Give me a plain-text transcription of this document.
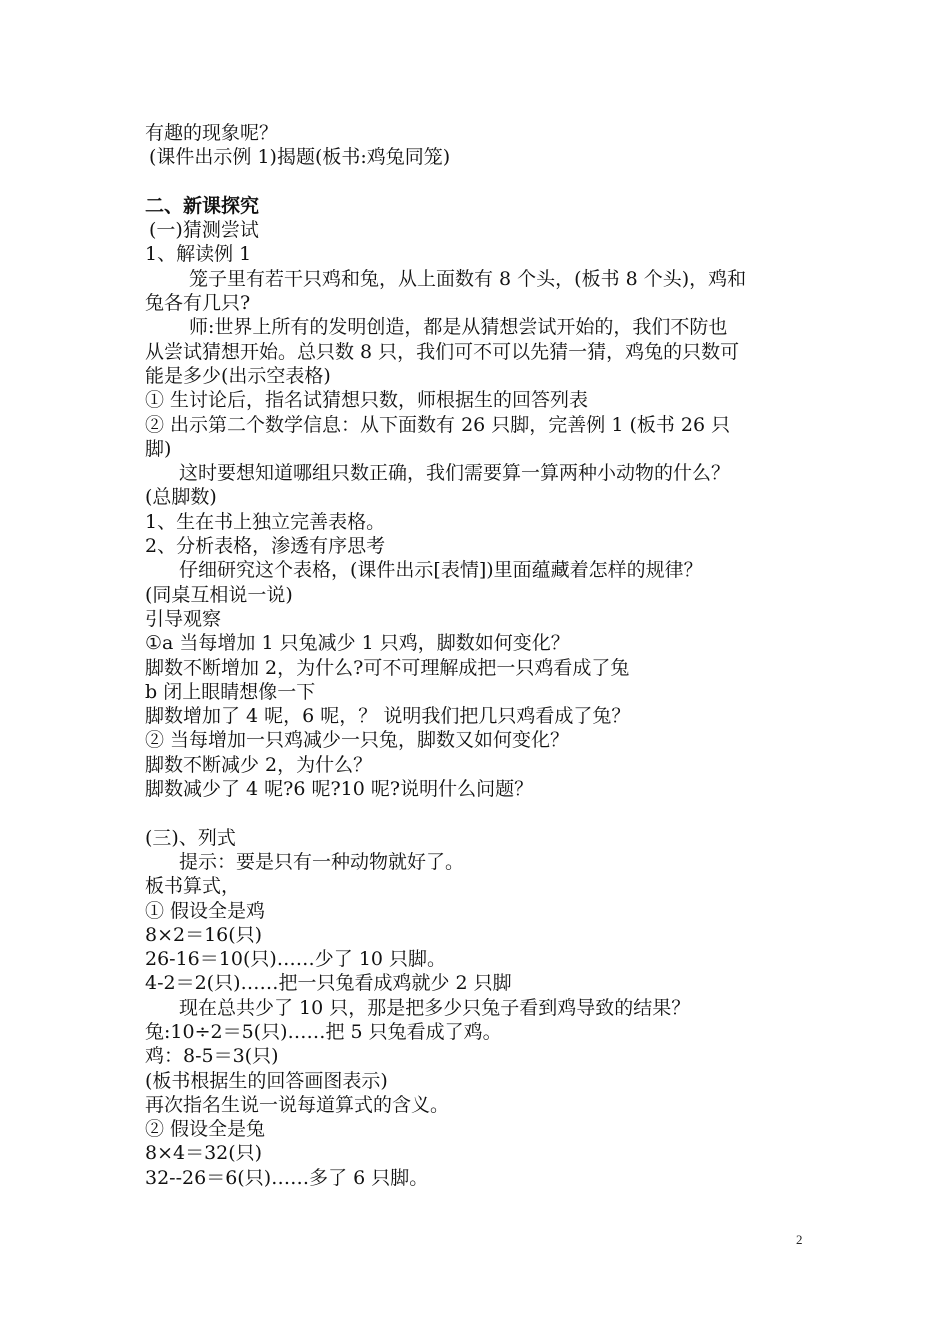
有趣的现象呢？

(课件出示例 1)揭题(板书:鸡兔同笼)

二、新课探究

(一)猜测尝试

1、解读例 1

笼子里有若干只鸡和兔，从上面数有 8 个头，(板书 8 个头)，鸡和

兔各有几只?

师:世界上所有的发明创造，都是从猜想尝试开始的，我们不防也

从尝试猜想开始。总只数 8 只，我们可不可以先猜一猜，鸡兔的只数可

能是多少(出示空表格)

① 生讨论后，指名试猜想只数，师根据生的回答列表

② 出示第二个数学信息：从下面数有 26 只脚，完善例 1 (板书 26 只

脚)

这时要想知道哪组只数正确，我们需要算一算两种小动物的什么？

(总脚数)

1、生在书上独立完善表格。

2、分析表格，渗透有序思考

仔细研究这个表格，(课件出示[表情])里面蕴藏着怎样的规律？

(同桌互相说一说)

引导观察

①a 当每增加 1 只兔减少 1 只鸡，脚数如何变化？

脚数不断增加 2，为什么?可不可理解成把一只鸡看成了兔

b 闭上眼睛想像一下

脚数增加了 4 呢，6 呢，？ 说明我们把几只鸡看成了兔？

② 当每增加一只鸡减少一只兔，脚数又如何变化？

脚数不断减少 2，为什么？

脚数减少了 4 呢?6 呢?10 呢?说明什么问题？

(三)、列式

提示：要是只有一种动物就好了。

板书算式，

① 假设全是鸡

8×2＝16(只)

26-16＝10(只)……少了 10 只脚。

4-2＝2(只)……把一只兔看成鸡就少 2 只脚

现在总共少了 10 只，那是把多少只兔子看到鸡导致的结果？

兔:10÷2＝5(只)……把 5 只兔看成了鸡。

鸡：8-5＝3(只)

(板书根据生的回答画图表示)

再次指名生说一说每道算式的含义。

② 假设全是兔

8×4＝32(只)

32--26＝6(只)……多了 6 只脚。

2
